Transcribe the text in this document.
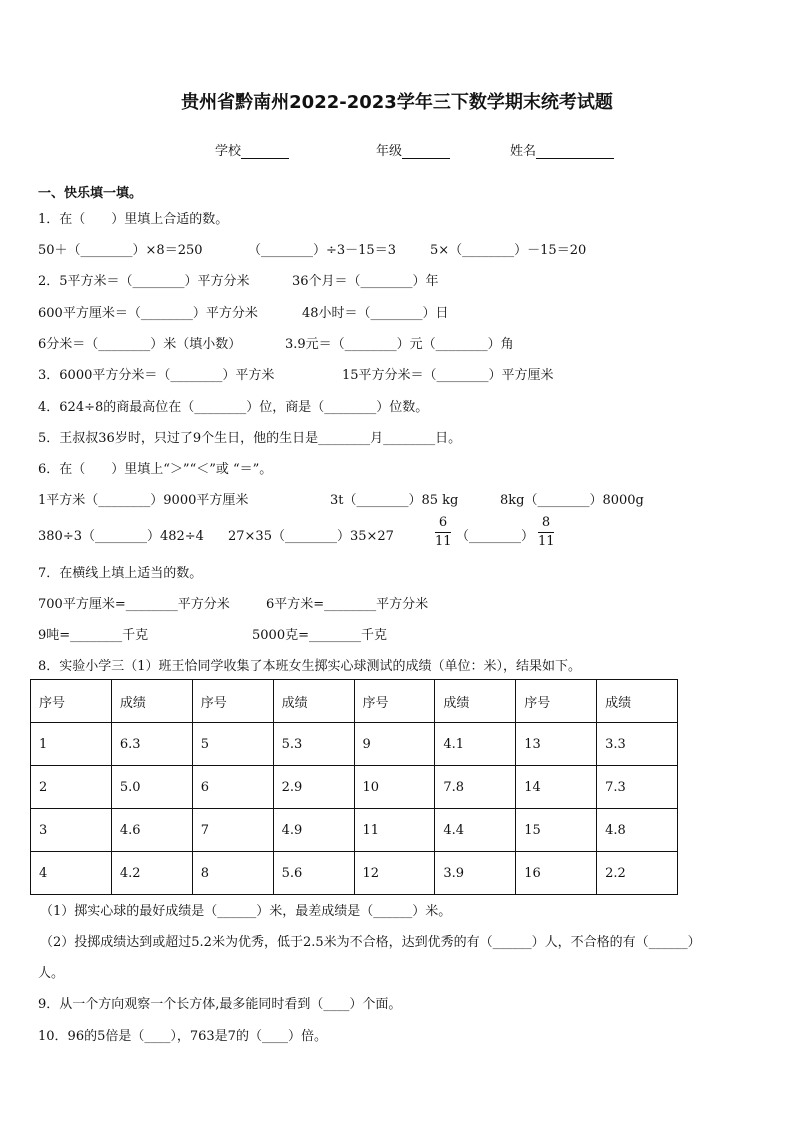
贵州省黔南州2022-2023学年三下数学期末统考试题
学校	年级	姓名
一、快乐填一填。
1．在（　　）里填上合适的数。
50＋（________）×8＝250	（________）÷3－15＝3	5×（________）－15＝20
2．5平方米＝（________）平方分米	36个月＝（________）年
600平方厘米＝（________）平方分米	48小时＝（________）日
6分米＝（________）米（填小数）	3.9元＝（________）元（________）角
3．6000平方分米＝（________）平方米	15平方分米＝（________）平方厘米
4．624÷8的商最高位在（________）位，商是（________）位数。
5．王叔叔36岁时，只过了9个生日，他的生日是________月________日。
6．在（　　）里填上“＞”“＜”或 “＝”。
1平方米（________）9000平方厘米	3t（________）85 kg	8kg（________）8000g
380÷3（________）482÷4 27×35（________）35×27	$\frac{6}{11}$ （________） $\frac{8}{11}$
7．在横线上填上适当的数。
700平方厘米=________平方分米	6平方米=________平方分米
9吨=________千克	5000克=________千克
8．实验小学三（1）班王恰同学收集了本班女生掷实心球测试的成绩（单位：米），结果如下。
序号	成绩	序号	成绩	序号	成绩	序号	成绩
1	6.3	5	5.3	9	4.1	13	3.3
2	5.0	6	2.9	10	7.8	14	7.3
3	4.6	7	4.9	11	4.4	15	4.8
4	4.2	8	5.6	12	3.9	16	2.2
（1）掷实心球的最好成绩是（______）米，最差成绩是（______）米。
（2）投掷成绩达到或超过5.2米为优秀，低于2.5米为不合格，达到优秀的有（______）人，不合格的有（______）
人。
9．从一个方向观察一个长方体,最多能同时看到（____）个面。
10．96的5倍是（____），763是7的（____）倍。
